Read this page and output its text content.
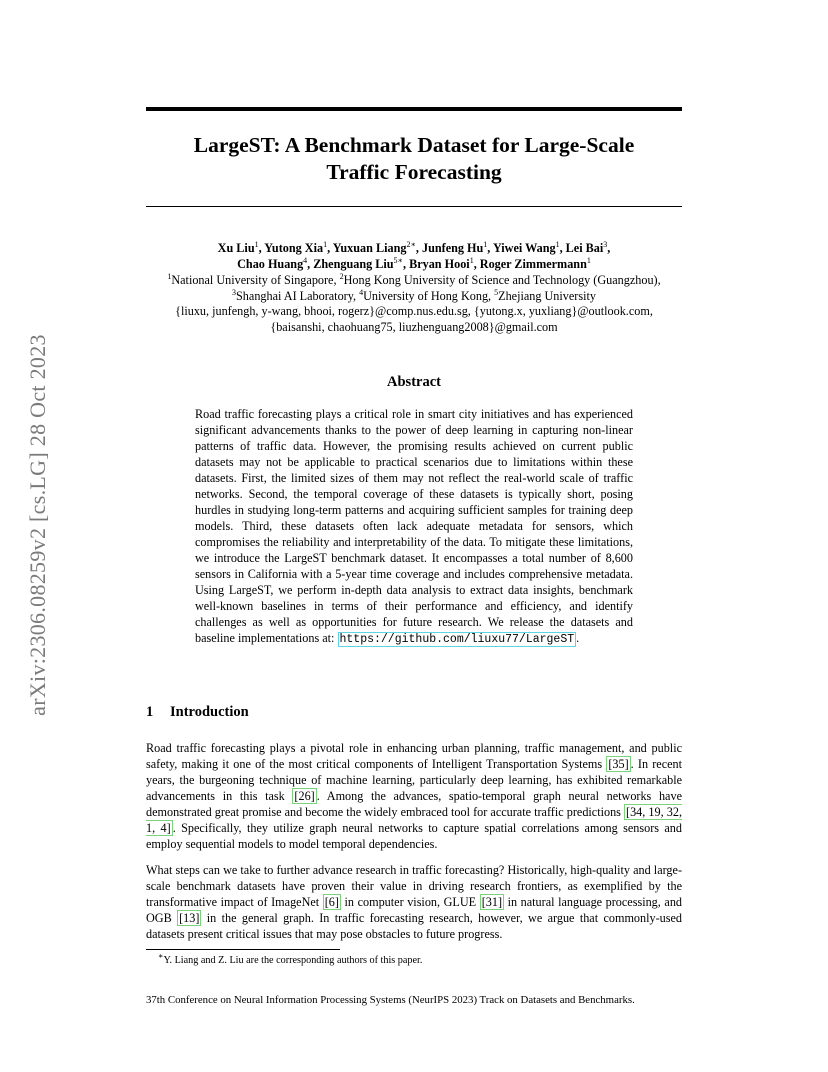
arXiv:2306.08259v2 [cs.LG] 28 Oct 2023
LargeST: A Benchmark Dataset for Large-Scale
Traffic Forecasting
Xu Liu$^1$, Yutong Xia$^1$, Yuxuan Liang$^{2∗}$, Junfeng Hu$^1$, Yiwei Wang$^1$, Lei Bai$^3$,
Chao Huang$^4$, Zhenguang Liu$^{5∗}$, Bryan Hooi$^1$, Roger Zimmermann$^1$
$^1$National University of Singapore, $^2$Hong Kong University of Science and Technology (Guangzhou),
$^3$Shanghai AI Laboratory, $^4$University of Hong Kong, $^5$Zhejiang University
{liuxu, junfengh, y-wang, bhooi, rogerz}@comp.nus.edu.sg, {yutong.x, yuxliang}@outlook.com,
{baisanshi, chaohuang75, liuzhenguang2008}@gmail.com
Abstract
Road traffic forecasting plays a critical role in smart city initiatives and has experienced significant advancements thanks to the power of deep learning in capturing non-linear patterns of traffic data. However, the promising results achieved on current public datasets may not be applicable to practical scenarios due to limitations within these datasets. First, the limited sizes of them may not reflect the real-world scale of traffic networks. Second, the temporal coverage of these datasets is typically short, posing hurdles in studying long-term patterns and acquiring sufficient samples for training deep models. Third, these datasets often lack adequate metadata for sensors, which compromises the reliability and interpretability of the data. To mitigate these limitations, we introduce the LargeST benchmark dataset. It encompasses a total number of 8,600 sensors in California with a 5-year time coverage and includes comprehensive metadata. Using LargeST, we perform in-depth data analysis to extract data insights, benchmark well-known baselines in terms of their performance and efficiency, and identify challenges as well as opportunities for future research. We release the datasets and baseline implementations at: https://github.com/liuxu77/LargeST .
1 Introduction
Road traffic forecasting plays a pivotal role in enhancing urban planning, traffic management, and public safety, making it one of the most critical components of Intelligent Transportation Systems [35] . In recent years, the burgeoning technique of machine learning, particularly deep learning, has exhibited remarkable advancements in this task [26] . Among the advances, spatio-temporal graph neural networks have demonstrated great promise and become the widely embraced tool for accurate traffic predictions [34, 19, 32, 1, 4] . Specifically, they utilize graph neural networks to capture spatial correlations among sensors and employ sequential models to model temporal dependencies.
What steps can we take to further advance research in traffic forecasting? Historically, high-quality and large-scale benchmark datasets have proven their value in driving research frontiers, as exemplified by the transformative impact of ImageNet [6] in computer vision, GLUE [31] in natural language processing, and OGB [13] in the general graph. In traffic forecasting research, however, we argue that commonly-used datasets present critical issues that may pose obstacles to future progress.
∗Y. Liang and Z. Liu are the corresponding authors of this paper.
37th Conference on Neural Information Processing Systems (NeurIPS 2023) Track on Datasets and Benchmarks.
